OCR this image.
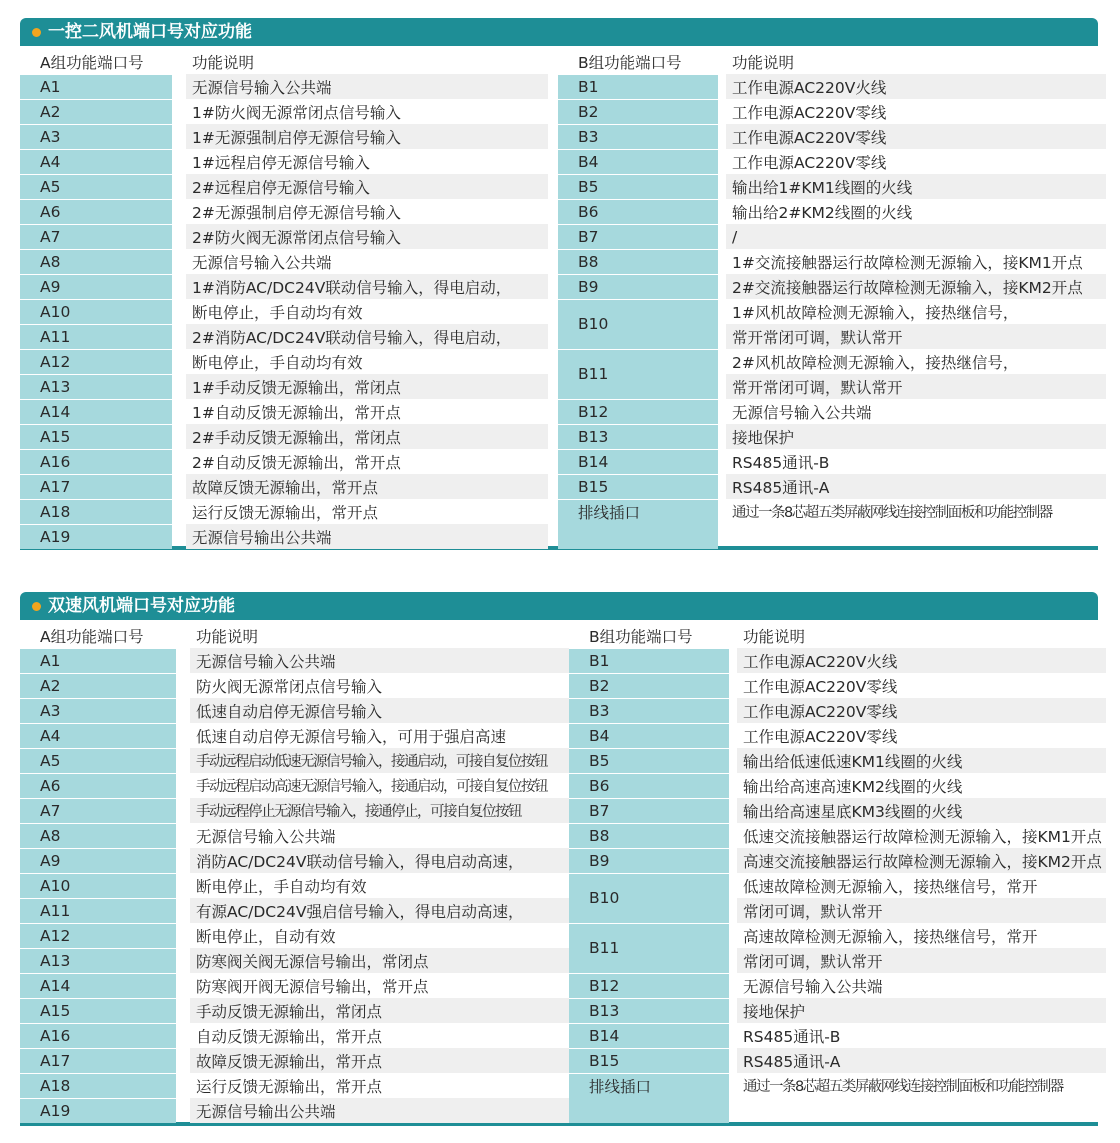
一控二风机端口号对应功能
A组功能端口号
A1
A2
A3
A4
A5
A6
A7
A8
A9
A10
A11
A12
A13
A14
A15
A16
A17
A18
A19
功能说明
无源信号输入公共端
1#防火阀无源常闭点信号输入
1#无源强制启停无源信号输入
1#远程启停无源信号输入
2#远程启停无源信号输入
2#无源强制启停无源信号输入
2#防火阀无源常闭点信号输入
无源信号输入公共端
1#消防AC/DC24V联动信号输入，得电启动，
断电停止，手自动均有效
2#消防AC/DC24V联动信号输入，得电启动，
断电停止，手自动均有效
1#手动反馈无源输出，常闭点
1#自动反馈无源输出，常开点
2#手动反馈无源输出，常闭点
2#自动反馈无源输出，常开点
故障反馈无源输出，常开点
运行反馈无源输出，常开点
无源信号输出公共端
B组功能端口号
B1
B2
B3
B4
B5
B6
B7
B8
B9
B10
B11
B12
B13
B14
B15
排线插口
功能说明
工作电源AC220V火线
工作电源AC220V零线
工作电源AC220V零线
工作电源AC220V零线
输出给1#KM1线圈的火线
输出给2#KM2线圈的火线
/
1#交流接触器运行故障检测无源输入，接KM1开点
2#交流接触器运行故障检测无源输入，接KM2开点
1#风机故障检测无源输入，接热继信号，
常开常闭可调，默认常开
2#风机故障检测无源输入，接热继信号，
常开常闭可调，默认常开
无源信号输入公共端
接地保护
RS485通讯-B
RS485通讯-A
通过一条8芯超五类屏蔽网线连接控制面板和功能控制器
双速风机端口号对应功能
A组功能端口号
A1
A2
A3
A4
A5
A6
A7
A8
A9
A10
A11
A12
A13
A14
A15
A16
A17
A18
A19
功能说明
无源信号输入公共端
防火阀无源常闭点信号输入
低速自动启停无源信号输入
低速自动启停无源信号输入，可用于强启高速
手动远程启动低速无源信号输入，接通启动，可接自复位按钮
手动远程启动高速无源信号输入，接通启动，可接自复位按钮
手动远程停止无源信号输入，接通停止，可接自复位按钮
无源信号输入公共端
消防AC/DC24V联动信号输入，得电启动高速，
断电停止，手自动均有效
有源AC/DC24V强启信号输入，得电启动高速，
断电停止，自动有效
防寒阀关阀无源信号输出，常闭点
防寒阀开阀无源信号输出，常开点
手动反馈无源输出，常闭点
自动反馈无源输出，常开点
故障反馈无源输出，常开点
运行反馈无源输出，常开点
无源信号输出公共端
B组功能端口号
B1
B2
B3
B4
B5
B6
B7
B8
B9
B10
B11
B12
B13
B14
B15
排线插口
功能说明
工作电源AC220V火线
工作电源AC220V零线
工作电源AC220V零线
工作电源AC220V零线
输出给低速低速KM1线圈的火线
输出给高速高速KM2线圈的火线
输出给高速星底KM3线圈的火线
低速交流接触器运行故障检测无源输入，接KM1开点
高速交流接触器运行故障检测无源输入，接KM2开点
低速故障检测无源输入，接热继信号，常开
常闭可调，默认常开
高速故障检测无源输入，接热继信号，常开
常闭可调，默认常开
无源信号输入公共端
接地保护
RS485通讯-B
RS485通讯-A
通过一条8芯超五类屏蔽网线连接控制面板和功能控制器
